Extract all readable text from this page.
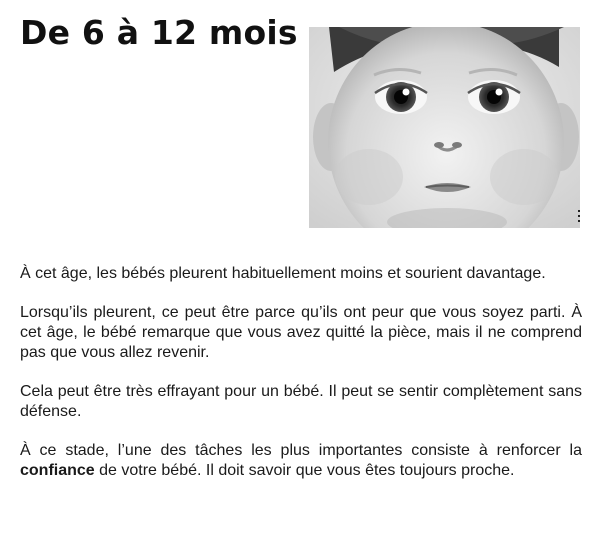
De 6 à 12 mois

À cet âge, les bébés pleurent habituellement moins et sourient davantage.

Lorsqu’ils pleurent, ce peut être parce qu’ils ont peur que vous soyez parti. À cet âge, le bébé remarque que vous avez quitté la pièce, mais il ne comprend pas que vous allez revenir.

Cela peut être très effrayant pour un bébé. Il peut se sentir complètement sans défense.

À ce stade, l’une des tâches les plus importantes consiste à renforcer la confiance de votre bébé. Il doit savoir que vous êtes toujours proche.
